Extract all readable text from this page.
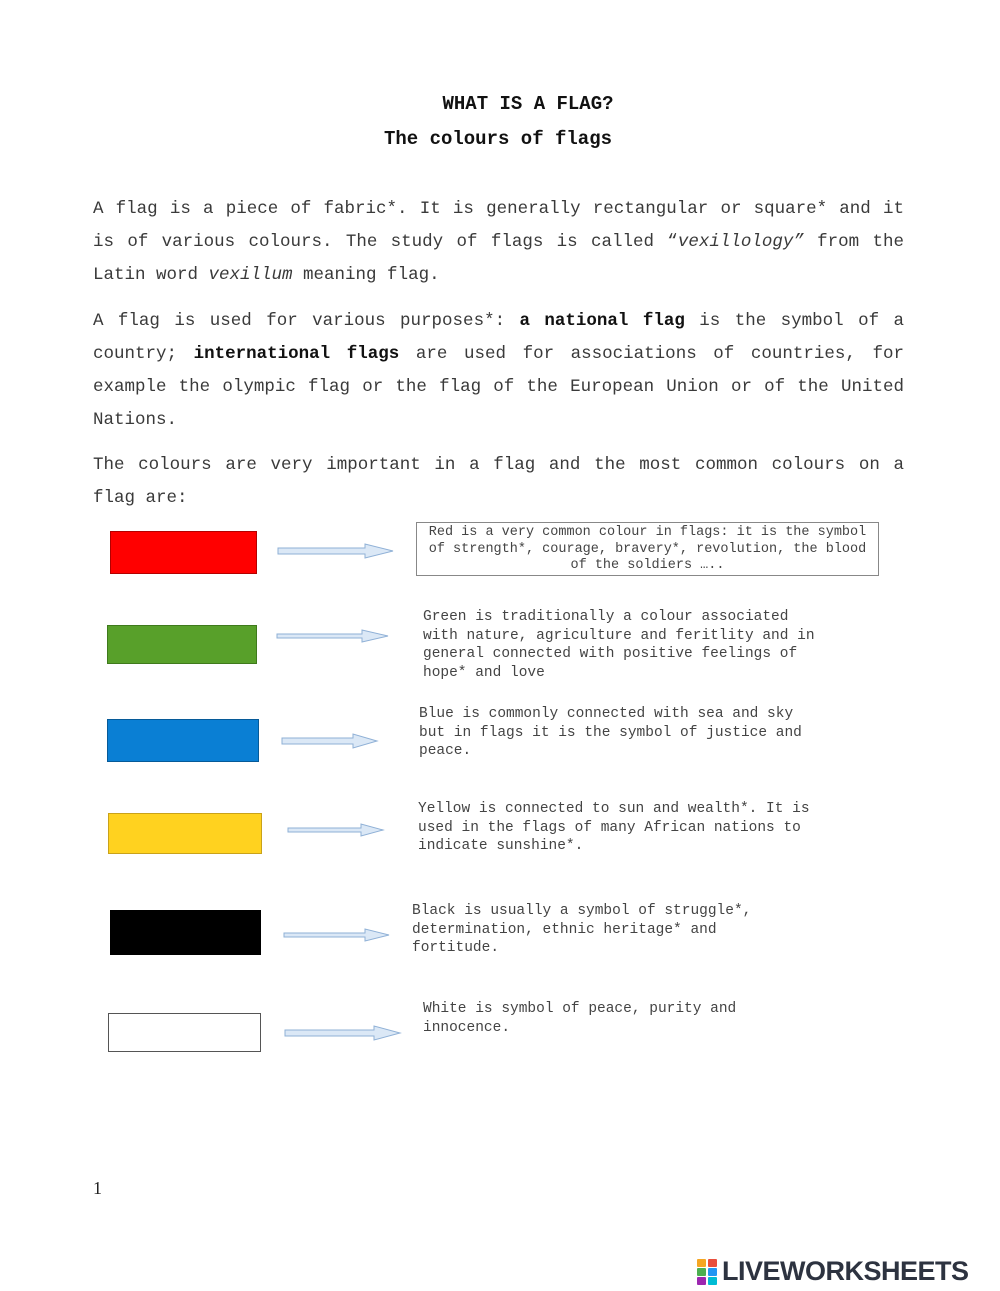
WHAT IS A FLAG?
The colours of flags

A flag is a piece of fabric*. It is generally rectangular or square* and it is of various colours. The study of flags is called “vexillology” from the Latin word vexillum meaning flag.

A flag is used for various purposes*: a national flag is the symbol of a country; international flags are used for associations of countries, for example the olympic flag or the flag of the European Union or of the United Nations.

The colours are very important in a flag and the most common colours on a flag are:

Red is a very common colour in flags: it is the symbol of strength*, courage, bravery*, revolution, the blood of the soldiers …..
Green is traditionally a colour associated
with nature, agriculture and feritlity and in
general connected with positive feelings of
hope* and love
Blue is commonly connected with sea and sky
but in flags it is the symbol of justice and
peace.
Yellow is connected to sun and wealth*. It is
used in the flags of many African nations to
indicate sunshine*.
Black is usually a symbol of struggle*,
determination, ethnic heritage* and
fortitude.
White is symbol of peace, purity and
innocence.
1
LIVEWORKSHEETS
